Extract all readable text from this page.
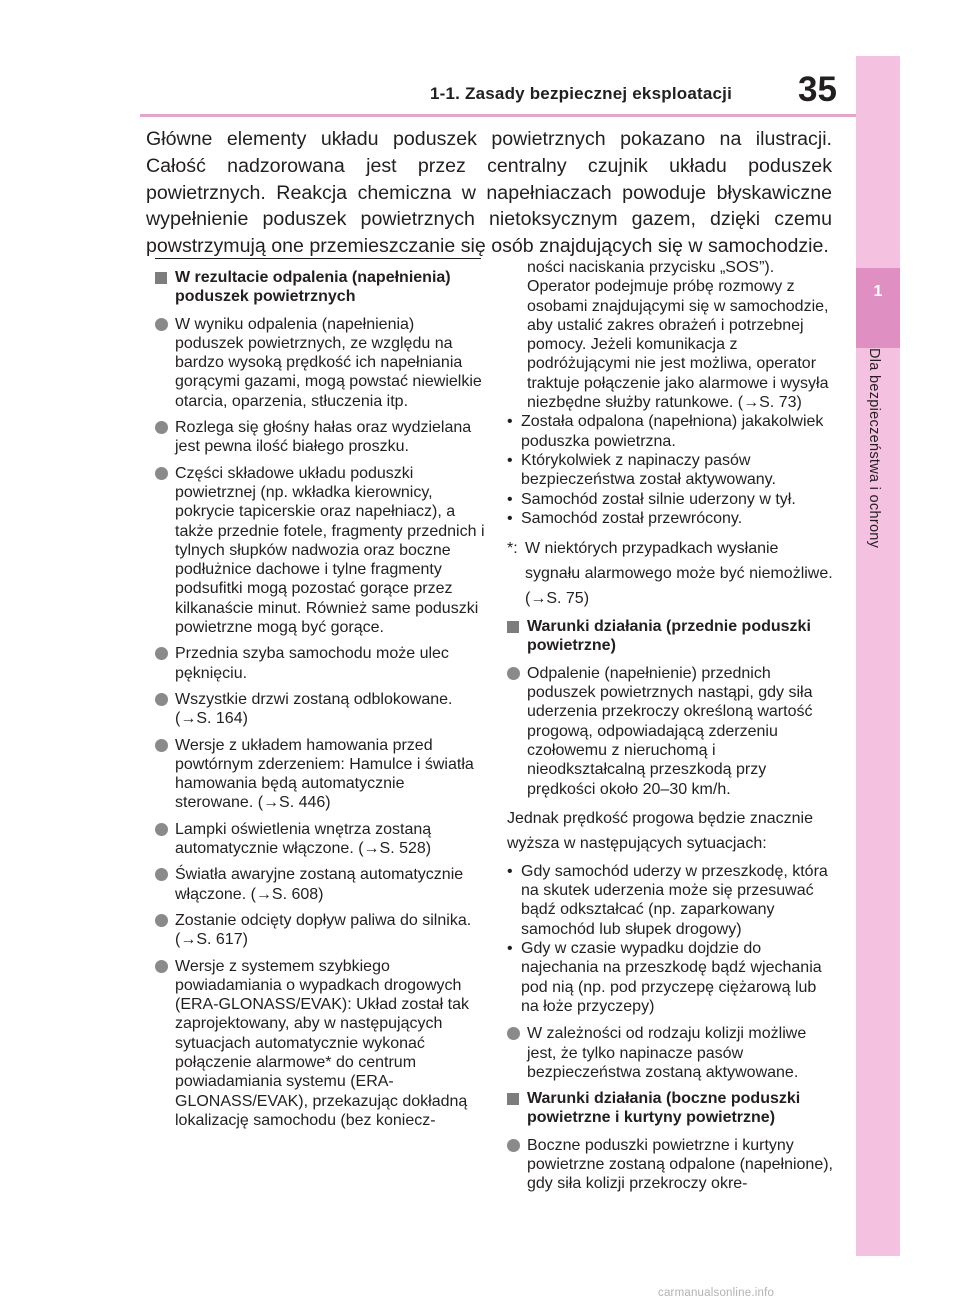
1-1. Zasady bezpiecznej eksploatacji 35
1
Dla bezpieczeństwa i ochrony

Główne elementy układu poduszek powietrznych pokazano na ilustracji. Całość nadzorowana jest przez centralny czujnik układu poduszek powietrznych. Reakcja chemiczna w napełniaczach powoduje błyskawiczne wypełnienie poduszek powietrznych nietoksycznym gazem, dzięki czemu powstrzymują one przemieszczanie się osób znajdujących się w samochodzie.

W rezultacie odpalenia (napełnienia) poduszek powietrznych
W wyniku odpalenia (napełnienia) poduszek powietrznych, ze względu na bardzo wysoką prędkość ich napełniania gorącymi gazami, mogą powstać niewielkie otarcia, oparzenia, stłuczenia itp.
Rozlega się głośny hałas oraz wydzielana jest pewna ilość białego proszku.
Części składowe układu poduszki powietrznej (np. wkładka kierownicy, pokrycie tapicerskie oraz napełniacz), a także przednie fotele, fragmenty przednich i tylnych słupków nadwozia oraz boczne podłużnice dachowe i tylne fragmenty podsufitki mogą pozostać gorące przez kilkanaście minut. Również same poduszki powietrzne mogą być gorące.
Przednia szyba samochodu może ulec pęknięciu.
Wszystkie drzwi zostaną odblokowane. (→S. 164)
Wersje z układem hamowania przed powtórnym zderzeniem: Hamulce i światła hamowania będą automatycznie sterowane. (→S. 446)
Lampki oświetlenia wnętrza zostaną automatycznie włączone. (→S. 528)
Światła awaryjne zostaną automatycznie włączone. (→S. 608)
Zostanie odcięty dopływ paliwa do silnika. (→S. 617)
Wersje z systemem szybkiego powiadamiania o wypadkach drogowych (ERA-GLONASS/EVAK): Układ został tak zaprojektowany, aby w następujących sytuacjach automatycznie wykonać połączenie alarmowe* do centrum powiadamiania systemu (ERA-GLONASS/EVAK), przekazując dokładną lokalizację samochodu (bez koniecz-
ności naciskania przycisku „SOS”). Operator podejmuje próbę rozmowy z osobami znajdującymi się w samochodzie, aby ustalić zakres obrażeń i potrzebnej pomocy. Jeżeli komunikacja z podróżującymi nie jest możliwa, operator traktuje połączenie jako alarmowe i wysyła niezbędne służby ratunkowe. (→S. 73)
• Została odpalona (napełniona) jakakolwiek poduszka powietrzna.
• Którykolwiek z napinaczy pasów bezpieczeństwa został aktywowany.
• Samochód został silnie uderzony w tył.
• Samochód został przewrócony.
*: W niektórych przypadkach wysłanie sygnału alarmowego może być niemożliwe. (→S. 75)
Warunki działania (przednie poduszki powietrzne)
Odpalenie (napełnienie) przednich poduszek powietrznych nastąpi, gdy siła uderzenia przekroczy określoną wartość progową, odpowiadającą zderzeniu czołowemu z nieruchomą i nieodkształcalną przeszkodą przy prędkości około 20–30 km/h.
Jednak prędkość progowa będzie znacznie wyższa w następujących sytuacjach:
• Gdy samochód uderzy w przeszkodę, która na skutek uderzenia może się przesuwać bądź odkształcać (np. zaparkowany samochód lub słupek drogowy)
• Gdy w czasie wypadku dojdzie do najechania na przeszkodę bądź wjechania pod nią (np. pod przyczepę ciężarową lub na łoże przyczepy)
W zależności od rodzaju kolizji możliwe jest, że tylko napinacze pasów bezpieczeństwa zostaną aktywowane.
Warunki działania (boczne poduszki powietrzne i kurtyny powietrzne)
Boczne poduszki powietrzne i kurtyny powietrzne zostaną odpalone (napełnione), gdy siła kolizji przekroczy okre-
carmanualsonline.info
